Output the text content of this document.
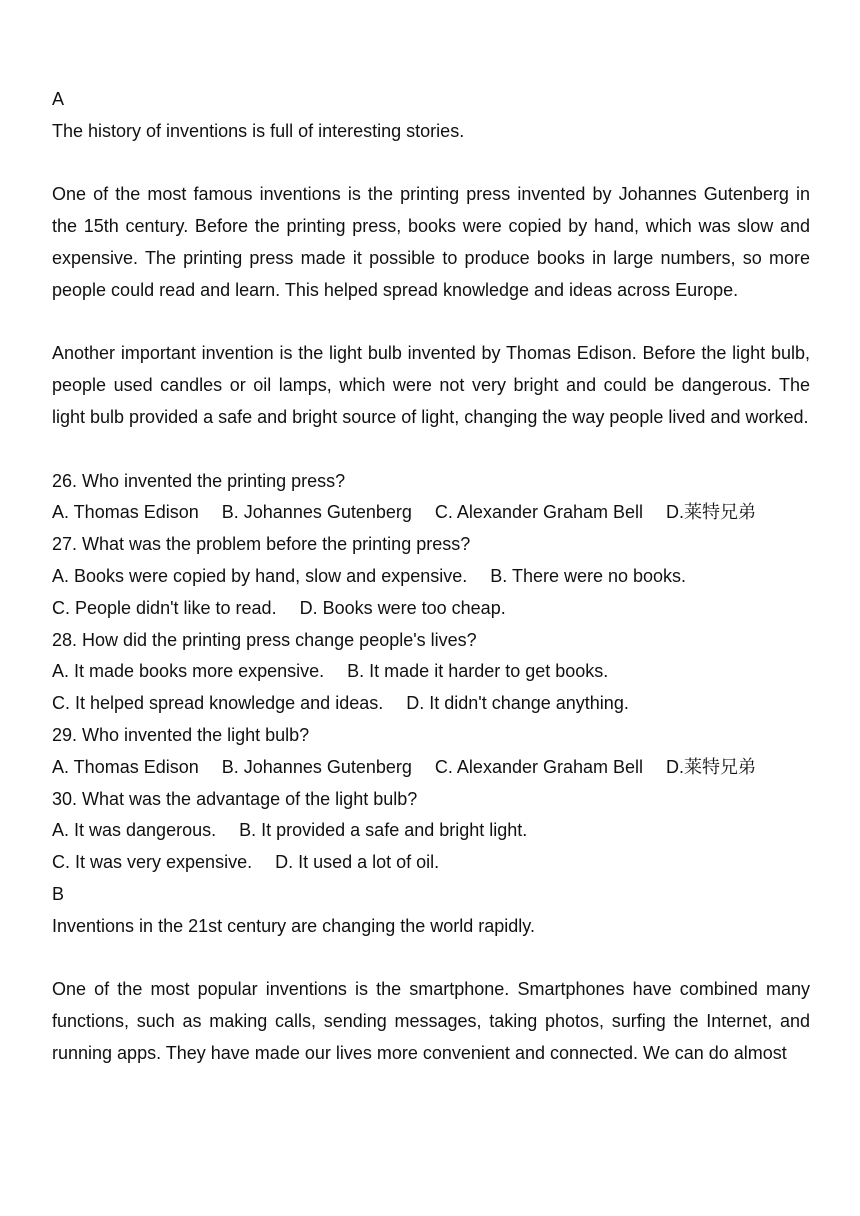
A
The history of inventions is full of interesting stories.

One of the most famous inventions is the printing press invented by Johannes Gutenberg in the 15th century. Before the printing press, books were copied by hand, which was slow and expensive. The printing press made it possible to produce books in large numbers, so more people could read and learn. This helped spread knowledge and ideas across Europe.

Another important invention is the light bulb invented by Thomas Edison. Before the light bulb, people used candles or oil lamps, which were not very bright and could be dangerous. The light bulb provided a safe and bright source of light, changing the way people lived and worked.

26. Who invented the printing press?
A. Thomas Edison B. Johannes Gutenberg C. Alexander Graham Bell D.莱特兄弟
27. What was the problem before the printing press?
A. Books were copied by hand, slow and expensive. B. There were no books.
C. People didn't like to read. D. Books were too cheap.
28. How did the printing press change people's lives?
A. It made books more expensive. B. It made it harder to get books.
C. It helped spread knowledge and ideas. D. It didn't change anything.
29. Who invented the light bulb?
A. Thomas Edison B. Johannes Gutenberg C. Alexander Graham Bell D.莱特兄弟
30. What was the advantage of the light bulb?
A. It was dangerous. B. It provided a safe and bright light.
C. It was very expensive. D. It used a lot of oil.
B
Inventions in the 21st century are changing the world rapidly.

One of the most popular inventions is the smartphone. Smartphones have combined many functions, such as making calls, sending messages, taking photos, surfing the Internet, and running apps. They have made our lives more convenient and connected. We can do almost
